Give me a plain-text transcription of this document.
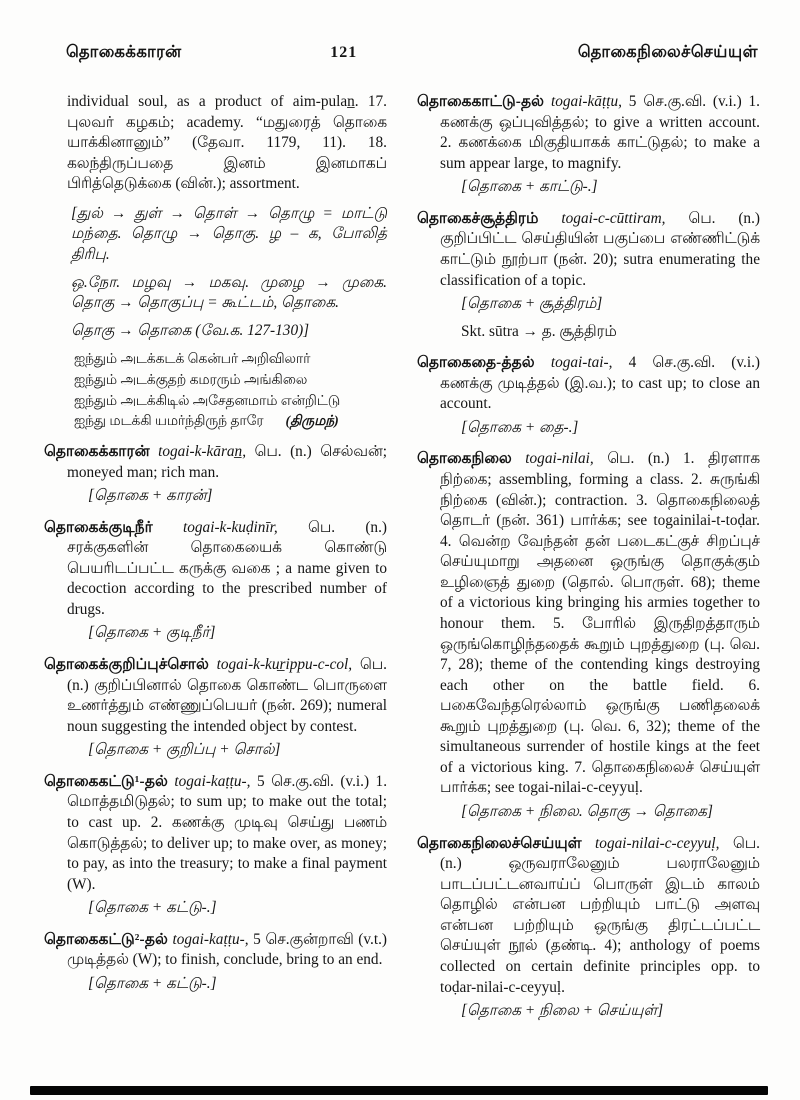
தொகைக்காரன்	121	தொகைநிலைச்செய்யுள்

individual soul, as a product of aim-pulan̲. 17. புலவர் கழகம்; academy. “மதுரைத் தொகை யாக்கினானும்” (தேவா. 1179, 11). 18. கலந்திருப்பதை இனம் இனமாகப் பிரித்தெடுக்கை (வின்.); assortment.

[துல் → துள் → தொள் → தொழு = மாட்டு மந்தை. தொழு → தொகு. ழ – க, போலித் திரிபு.

ஒ.நோ. மழவு → மகவு. முழை → முகை. தொகு → தொகுப்பு = கூட்டம், தொகை.

தொகு → தொகை (வே.க. 127-130)]

ஐந்தும் அடக்கடக் கென்பர் அறிவிலார்
ஐந்தும் அடக்குதற் கமரரும் அங்கிலை
ஐந்தும் அடக்கிடில் அசேதனமாம் என்றிட்டு
ஐந்து மடக்கி யமர்ந்திருந் தாரே (திருமந்)

தொகைக்காரன் togai-k-kāran̲, பெ. (n.) செல்வன்; moneyed man; rich man.

[தொகை + காரன்]

தொகைக்குடிநீர் togai-k-kuḍinīr, பெ. (n.) சரக்குகளின் தொகையைக் கொண்டு பெயரிடப்பட்ட கருக்கு வகை ; a name given to decoction according to the prescribed number of drugs.

[தொகை + குடிநீர்]

தொகைக்குறிப்புச்சொல் togai-k-kur̲ippu-c-col, பெ. (n.) குறிப்பினால் தொகை கொண்ட பொருளை உணர்த்தும் எண்ணுப்பெயர் (நன். 269); numeral noun suggesting the intended object by contest.

[தொகை + குறிப்பு + சொல்]

தொகைகட்டு¹-தல் togai-kaṭṭu-, 5 செ.கு.வி. (v.i.) 1. மொத்தமிடுதல்; to sum up; to make out the total; to cast up. 2. கணக்கு முடிவு செய்து பணம் கொடுத்தல்; to deliver up; to make over, as money; to pay, as into the treasury; to make a final payment (W).

[தொகை + கட்டு-.]

தொகைகட்டு²-தல் togai-kaṭṭu-, 5 செ.குன்றாவி (v.t.) முடித்தல் (W); to finish, conclude, bring to an end.

[தொகை + கட்டு-.]

தொகைகாட்டு-தல் togai-kāṭṭu, 5 செ.கு.வி. (v.i.) 1. கணக்கு ஒப்புவித்தல்; to give a written account. 2. கணக்கை மிகுதியாகக் காட்டுதல்; to make a sum appear large, to magnify.

[தொகை + காட்டு-.]

தொகைச்சூத்திரம் togai-c-cūttiram, பெ. (n.) குறிப்பிட்ட செய்தியின் பகுப்பை எண்ணிட்டுக் காட்டும் நூற்பா (நன். 20); sutra enumerating the classification of a topic.

[தொகை + சூத்திரம்]

Skt. sūtra → த. சூத்திரம்

தொகைதை-த்தல் togai-tai-, 4 செ.கு.வி. (v.i.) கணக்கு முடித்தல் (இ.வ.); to cast up; to close an account.

[தொகை + தை-.]

தொகைநிலை togai-nilai, பெ. (n.) 1. திரளாக நிற்கை; assembling, forming a class. 2. சுருங்கி நிற்கை (வின்.); contraction. 3. தொகைநிலைத் தொடர் (நன். 361) பார்க்க; see togainilai-t-toḍar. 4. வென்ற வேந்தன் தன் படைகட்குச் சிறப்புச் செய்யுமாறு அதனை ஒருங்கு தொகுக்கும் உழிஞைத் துறை (தொல். பொருள். 68); theme of a victorious king bringing his armies together to honour them. 5. போரில் இருதிறத்தாரும் ஒருங்கொழிந்ததைக் கூறும் புறத்துறை (பு. வெ. 7, 28); theme of the contending kings destroying each other on the battle field. 6. பகைவேந்தரெல்லாம் ஒருங்கு பணிதலைக் கூறும் புறத்துறை (பு. வெ. 6, 32); theme of the simultaneous surrender of hostile kings at the feet of a victorious king. 7. தொகைநிலைச் செய்யுள் பார்க்க; see togai-nilai-c-ceyyuḷ.

[தொகை + நிலை. தொகு → தொகை]

தொகைநிலைச்செய்யுள் togai-nilai-c-ceyyuḷ, பெ. (n.) ஒருவராலேனும் பலராலேனும் பாடப்பட்டனவாய்ப் பொருள் இடம் காலம் தொழில் என்பன பற்றியும் பாட்டு அளவு என்பன பற்றியும் ஒருங்கு திரட்டப்பட்ட செய்யுள் நூல் (தண்டி. 4); anthology of poems collected on certain definite principles opp. to toḍar-nilai-c-ceyyuḷ.

[தொகை + நிலை + செய்யுள்]
